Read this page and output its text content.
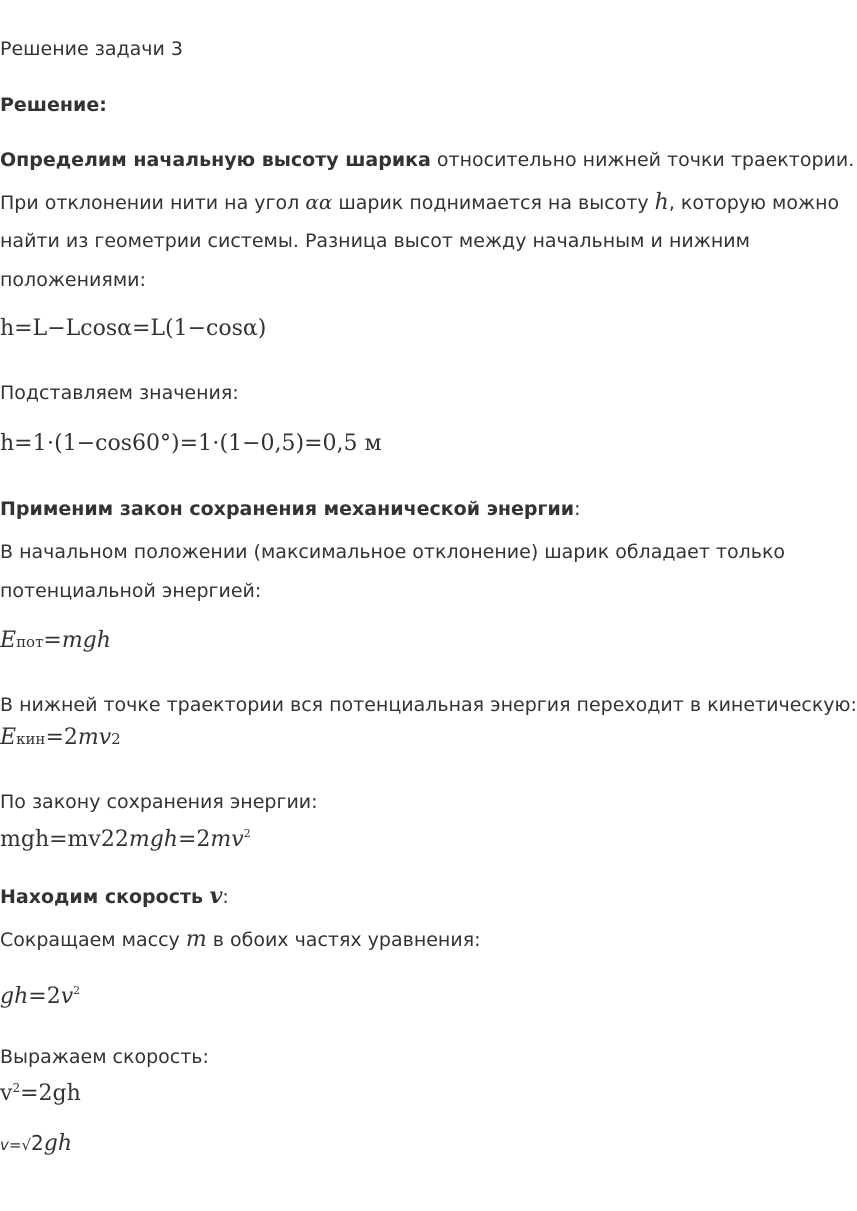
Решение задачи 3
Решение:
Определим начальную высоту шарика относительно нижней точки траектории.
При отклонении нити на угол αα шарик поднимается на высоту h, которую можно
найти из геометрии системы. Разница высот между начальным и нижним
положениями:
h=L−Lcosα=L(1−cosα)
Подставляем значения:
h=1⋅(1−cos60°)=1⋅(1−0,5)=0,5 м
Применим закон сохранения механической энергии:
В начальном положении (максимальное отклонение) шарик обладает только
потенциальной энергией:
Eпот=mgh
В нижней точке траектории вся потенциальная энергия переходит в кинетическую:
Eкин=2mv2
По закону сохранения энергии:
$mgh=mv22mgh=2mv^2$
Находим скорость v:
Сокращаем массу m в обоих частях уравнения:
$gh=2v^2$
Выражаем скорость:
$v^2=2gh$
v=√2gh
